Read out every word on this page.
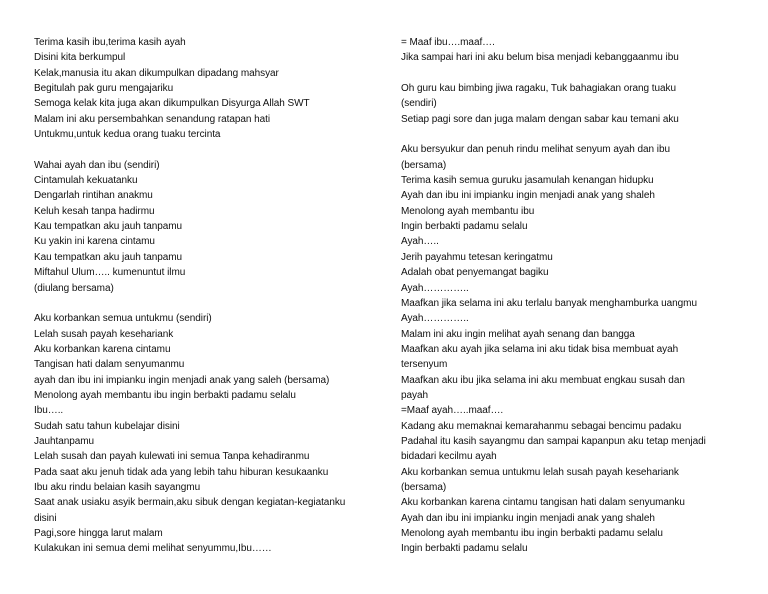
Terima kasih ibu,terima kasih ayah
Disini kita berkumpul
Kelak,manusia itu akan dikumpulkan dipadang mahsyar
Begitulah pak guru mengajariku
Semoga kelak kita juga akan dikumpulkan Disyurga Allah SWT
Malam ini aku persembahkan senandung ratapan hati
Untukmu,untuk kedua orang tuaku tercinta
Wahai ayah dan ibu (sendiri)
Cintamulah kekuatanku
Dengarlah rintihan anakmu
Keluh kesah tanpa hadirmu
Kau tempatkan aku jauh tanpamu
Ku yakin ini karena cintamu
Kau tempatkan aku jauh tanpamu
Miftahul Ulum….. kumenuntut ilmu
(diulang bersama)
Aku korbankan semua untukmu (sendiri)
Lelah susah payah kesehariank
Aku korbankan karena cintamu
Tangisan hati dalam senyumanmu
ayah dan ibu ini impianku ingin menjadi anak yang saleh (bersama)
Menolong ayah membantu ibu ingin berbakti padamu selalu
Ibu…..
Sudah satu tahun kubelajar disini
Jauhtanpamu
Lelah susah dan payah kulewati ini semua Tanpa kehadiranmu
Pada saat aku jenuh tidak ada yang lebih tahu hiburan kesukaanku
Ibu aku rindu belaian kasih sayangmu
Saat anak usiaku asyik bermain,aku sibuk dengan kegiatan-kegiatanku
disini
Pagi,sore hingga larut malam
Kulakukan ini semua demi melihat senyummu,Ibu……
= Maaf ibu….maaf….
Jika sampai hari ini aku belum bisa menjadi kebanggaanmu ibu
Oh guru kau bimbing jiwa ragaku, Tuk bahagiakan orang tuaku
(sendiri)
Setiap pagi sore dan juga malam dengan sabar kau temani aku
Aku bersyukur dan penuh rindu melihat senyum ayah dan ibu
(bersama)
Terima kasih semua guruku jasamulah kenangan hidupku
Ayah dan ibu ini impianku ingin menjadi anak yang shaleh
Menolong ayah membantu ibu
Ingin berbakti padamu selalu
Ayah…..
Jerih payahmu tetesan keringatmu
Adalah obat penyemangat bagiku
Ayah…………..
Maafkan jika selama ini aku terlalu banyak menghamburka uangmu
Ayah…………..
Malam ini aku ingin melihat ayah senang dan bangga
Maafkan aku ayah jika selama ini aku tidak bisa membuat ayah
tersenyum
Maafkan aku ibu jika selama ini aku membuat engkau susah dan
payah
=Maaf ayah…..maaf….
Kadang aku memaknai kemarahanmu sebagai bencimu padaku
Padahal itu kasih sayangmu dan sampai kapanpun aku tetap menjadi
bidadari kecilmu ayah
Aku korbankan semua untukmu lelah susah payah kesehariank
(bersama)
Aku korbankan karena cintamu tangisan hati dalam senyumanku
Ayah dan ibu ini impianku ingin menjadi anak yang shaleh
Menolong ayah membantu ibu ingin berbakti padamu selalu
Ingin berbakti padamu selalu
